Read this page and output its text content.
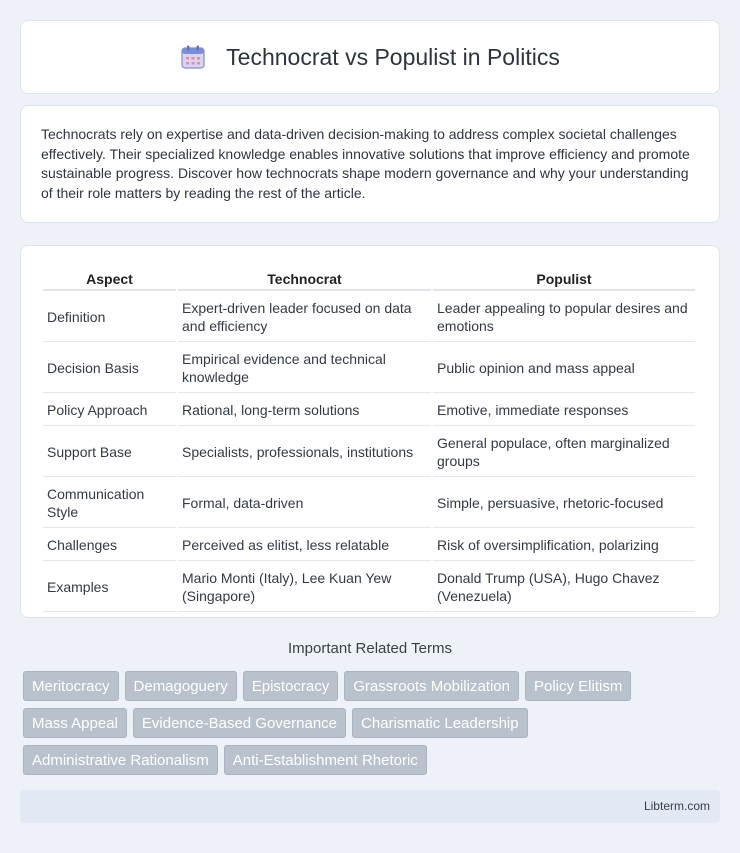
Technocrat vs Populist in Politics

Technocrats rely on expertise and data-driven decision-making to address complex societal challenges effectively. Their specialized knowledge enables innovative solutions that improve efficiency and promote sustainable progress. Discover how technocrats shape modern governance and why your understanding of their role matters by reading the rest of the article.

Aspect	Technocrat	Populist
Definition	Expert-driven leader focused on data and efficiency	Leader appealing to popular desires and emotions
Decision Basis	Empirical evidence and technical knowledge	Public opinion and mass appeal
Policy Approach	Rational, long-term solutions	Emotive, immediate responses
Support Base	Specialists, professionals, institutions	General populace, often marginalized groups
Communication Style	Formal, data-driven	Simple, persuasive, rhetoric-focused
Challenges	Perceived as elitist, less relatable	Risk of oversimplification, polarizing
Examples	Mario Monti (Italy), Lee Kuan Yew (Singapore)	Donald Trump (USA), Hugo Chavez (Venezuela)
Important Related Terms
Meritocracy	Demagoguery	Epistocracy	Grassroots Mobilization	Policy Elitism
Mass Appeal	Evidence-Based Governance	Charismatic Leadership
Administrative Rationalism	Anti-Establishment Rhetoric
Libterm.com
